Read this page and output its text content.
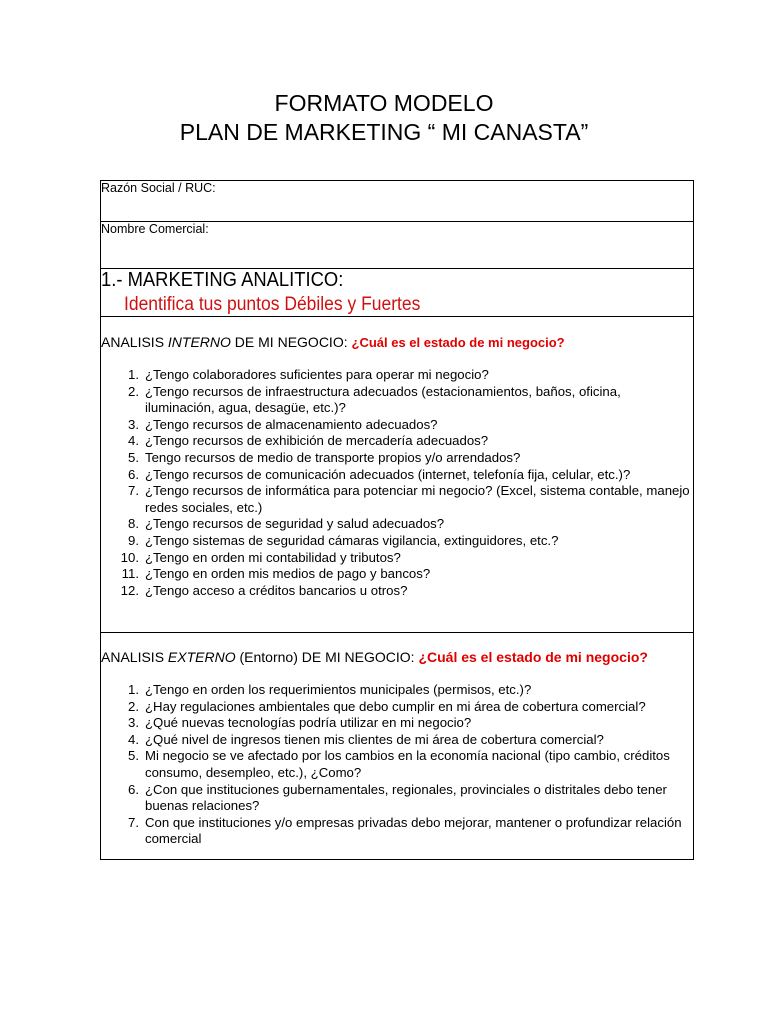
FORMATO MODELO
PLAN DE MARKETING “ MI CANASTA”
Razón Social / RUC:
Nombre Comercial:
1.- MARKETING ANALITICO:
Identifica tus puntos Débiles y Fuertes
ANALISIS INTERNO DE MI NEGOCIO: ¿Cuál es el estado de mi negocio?
1. ¿Tengo colaboradores suficientes para operar mi negocio?
2. ¿Tengo recursos de infraestructura adecuados (estacionamientos, baños, oficina, iluminación, agua, desagüe, etc.)?
3. ¿Tengo recursos de almacenamiento adecuados?
4. ¿Tengo recursos de exhibición de mercadería adecuados?
5. Tengo recursos de medio de transporte propios y/o arrendados?
6. ¿Tengo recursos de comunicación adecuados (internet, telefonía fija, celular, etc.)?
7. ¿Tengo recursos de informática para potenciar mi negocio? (Excel, sistema contable, manejo redes sociales, etc.)
8. ¿Tengo recursos de seguridad y salud adecuados?
9. ¿Tengo sistemas de seguridad cámaras vigilancia, extinguidores, etc.?
10. ¿Tengo en orden mi contabilidad y tributos?
11. ¿Tengo en orden mis medios de pago y bancos?
12. ¿Tengo acceso a créditos bancarios u otros?
ANALISIS EXTERNO (Entorno) DE MI NEGOCIO: ¿Cuál es el estado de mi negocio?
1. ¿Tengo en orden los requerimientos municipales (permisos, etc.)?
2. ¿Hay regulaciones ambientales que debo cumplir en mi área de cobertura comercial?
3. ¿Qué nuevas tecnologías podría utilizar en mi negocio?
4. ¿Qué nivel de ingresos tienen mis clientes de mi área de cobertura comercial?
5. Mi negocio se ve afectado por los cambios en la economía nacional (tipo cambio, créditos consumo, desempleo, etc.), ¿Como?
6. ¿Con que instituciones gubernamentales, regionales, provinciales o distritales debo tener buenas relaciones?
7. Con que instituciones y/o empresas privadas debo mejorar, mantener o profundizar relación comercial
